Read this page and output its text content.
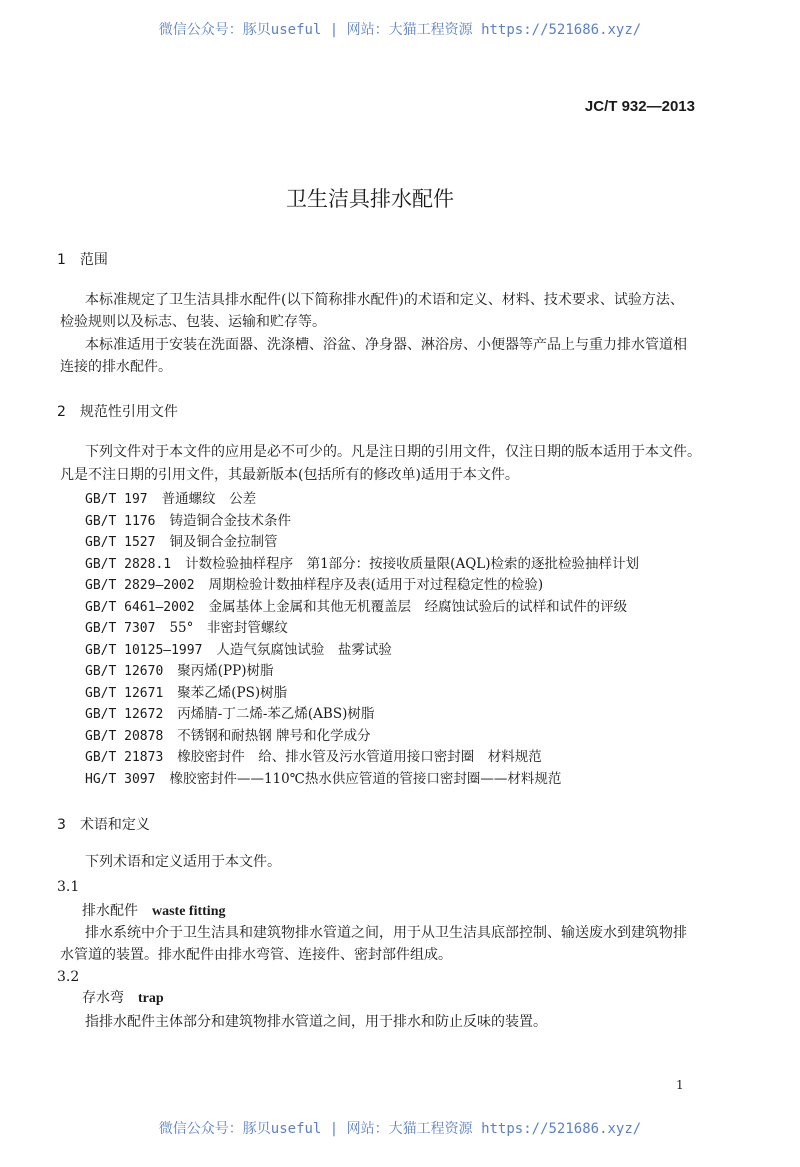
微信公众号：豚贝useful | 网站：大猫工程资源 https://521686.xyz/
JC/T 932—2013
卫生洁具排水配件
1 范围
本标准规定了卫生洁具排水配件(以下简称排水配件)的术语和定义、材料、技术要求、试验方法、
检验规则以及标志、包装、运输和贮存等。
本标准适用于安装在洗面器、洗涤槽、浴盆、净身器、淋浴房、小便器等产品上与重力排水管道相
连接的排水配件。
2 规范性引用文件
下列文件对于本文件的应用是必不可少的。凡是注日期的引用文件，仅注日期的版本适用于本文件。
凡是不注日期的引用文件，其最新版本(包括所有的修改单)适用于本文件。
GB/T 197 普通螺纹　公差
GB/T 1176 铸造铜合金技术条件
GB/T 1527 铜及铜合金拉制管
GB/T 2828.1 计数检验抽样程序　第1部分：按接收质量限(AQL)检索的逐批检验抽样计划
GB/T 2829—2002 周期检验计数抽样程序及表(适用于对过程稳定性的检验)
GB/T 6461—2002 金属基体上金属和其他无机覆盖层　经腐蚀试验后的试样和试件的评级
GB/T 7307 55°　非密封管螺纹
GB/T 10125—1997 人造气氛腐蚀试验　盐雾试验
GB/T 12670 聚丙烯(PP)树脂
GB/T 12671 聚苯乙烯(PS)树脂
GB/T 12672 丙烯腈-丁二烯-苯乙烯(ABS)树脂
GB/T 20878 不锈钢和耐热钢 牌号和化学成分
GB/T 21873 橡胶密封件　给、排水管及污水管道用接口密封圈　材料规范
HG/T 3097 橡胶密封件——110℃热水供应管道的管接口密封圈——材料规范
3 术语和定义
下列术语和定义适用于本文件。
3.1
排水配件 waste fitting
排水系统中介于卫生洁具和建筑物排水管道之间，用于从卫生洁具底部控制、输送废水到建筑物排
水管道的装置。排水配件由排水弯管、连接件、密封部件组成。
3.2
存水弯 trap
指排水配件主体部分和建筑物排水管道之间，用于排水和防止反味的装置。
1
微信公众号：豚贝useful | 网站：大猫工程资源 https://521686.xyz/
